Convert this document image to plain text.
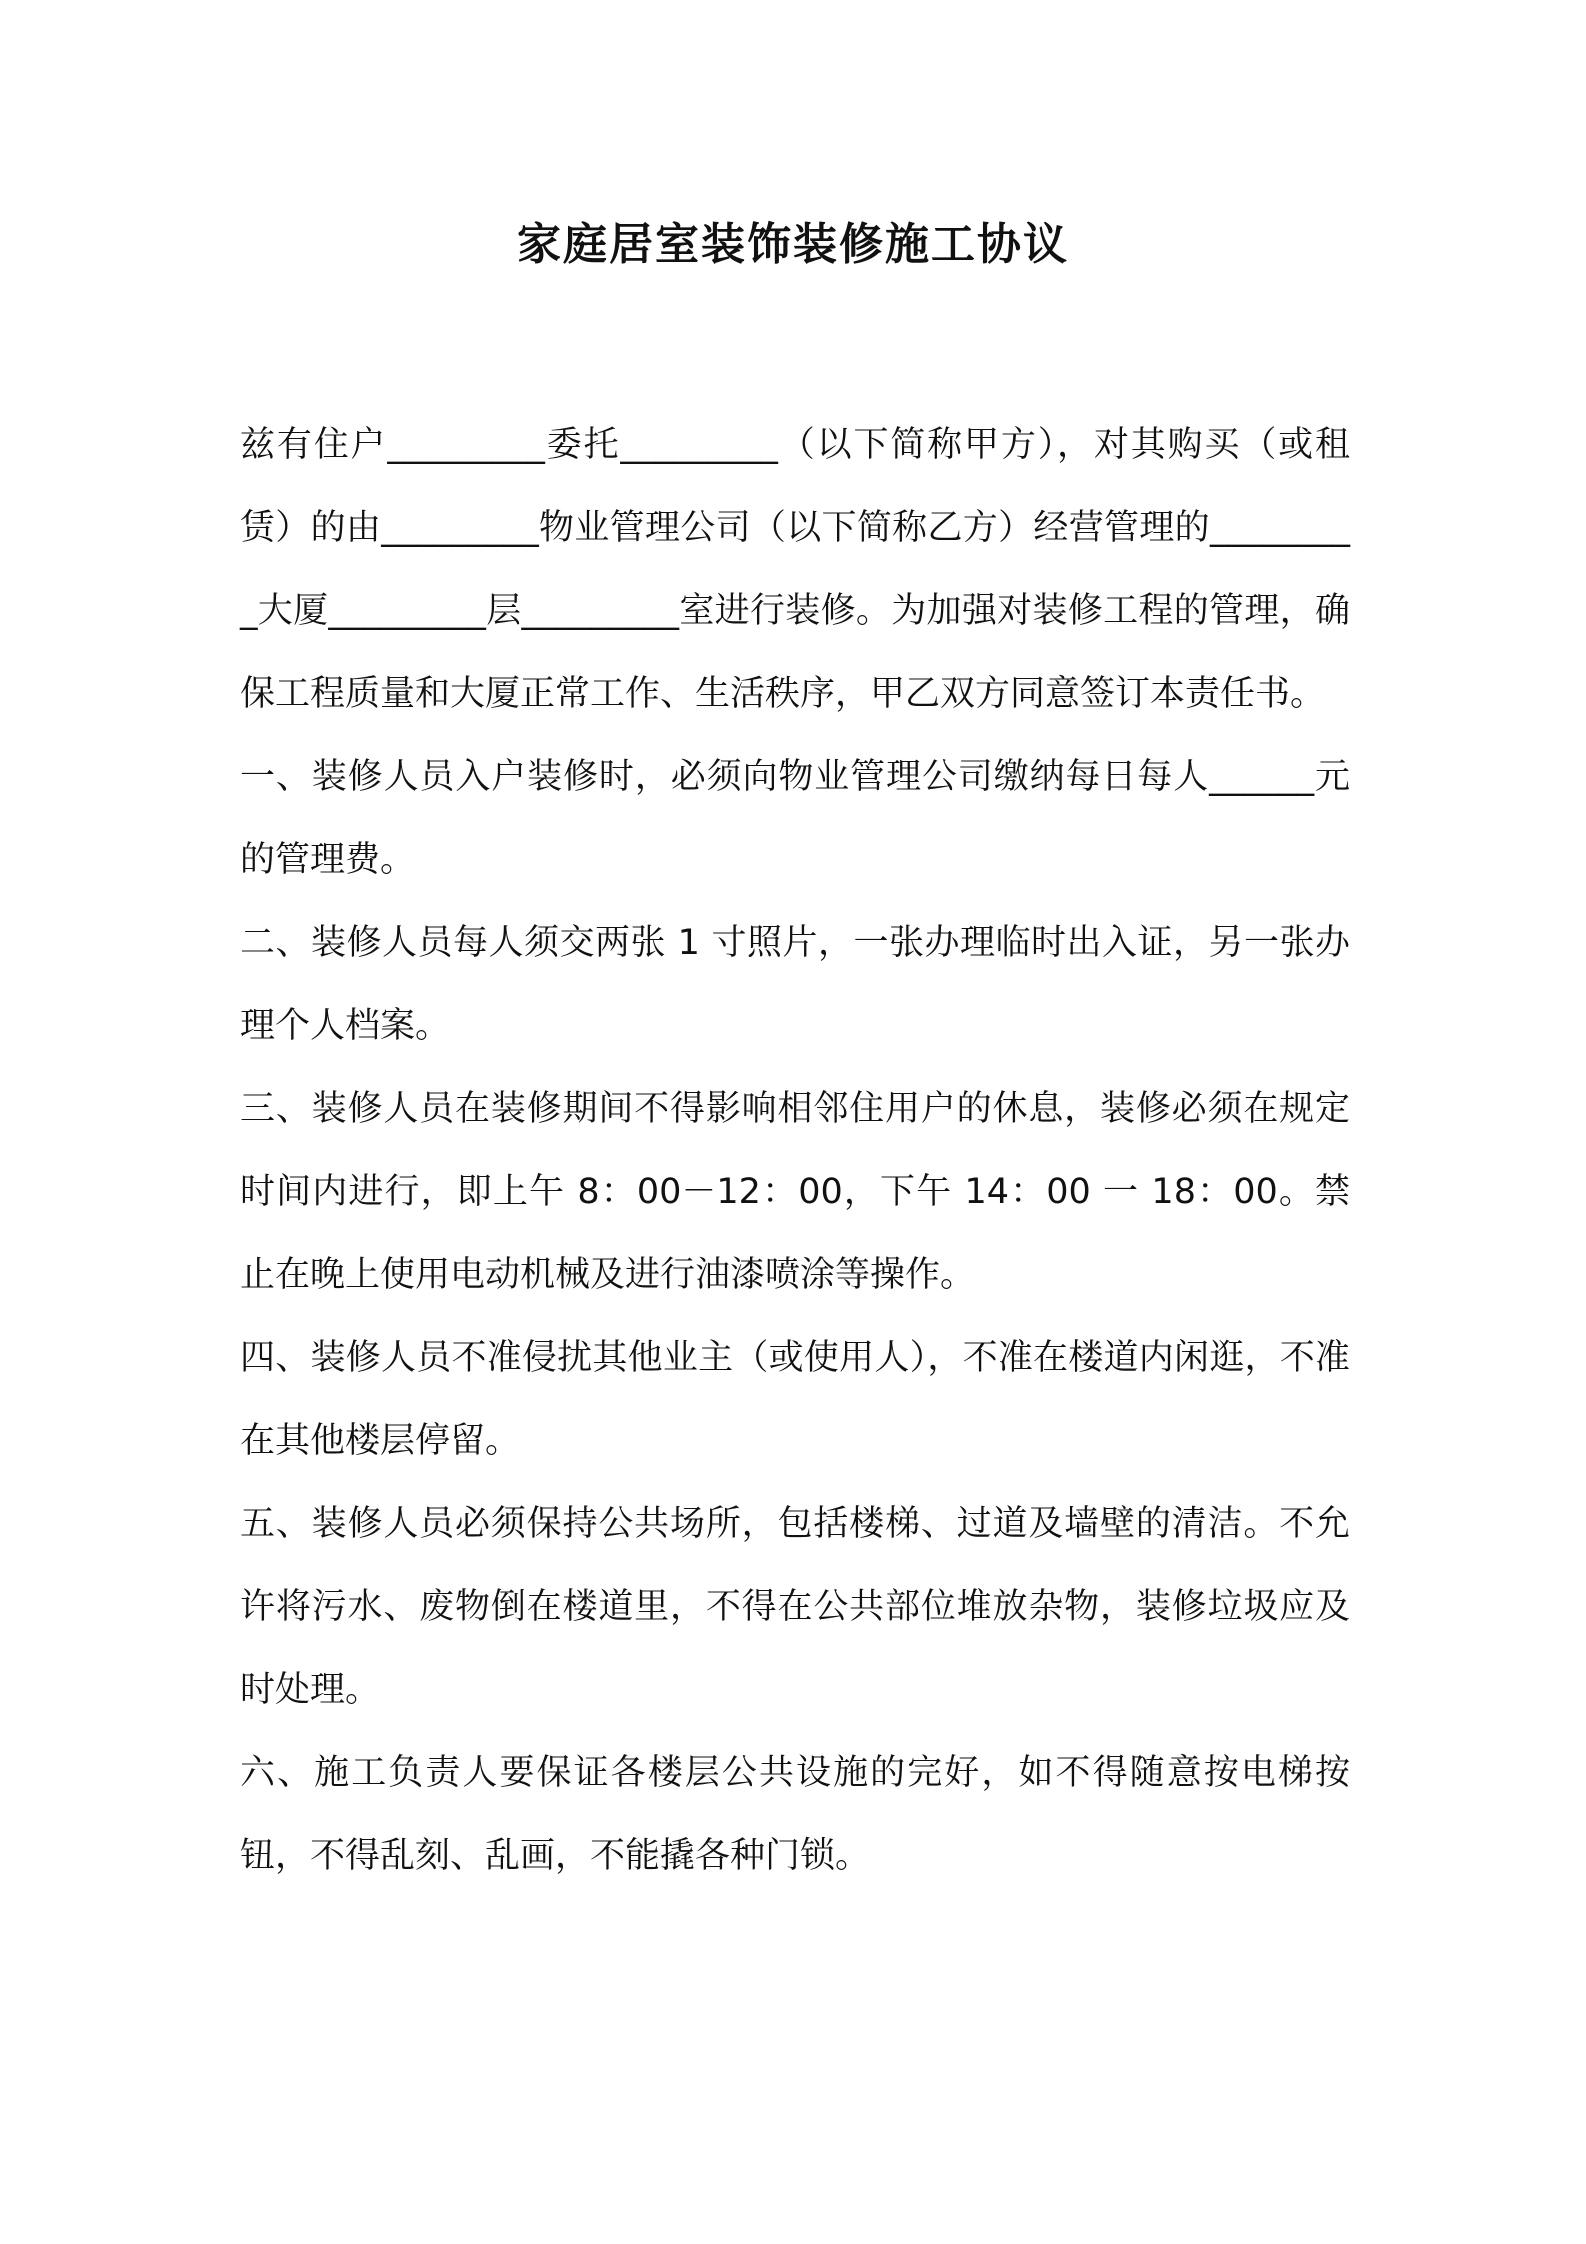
家庭居室装饰装修施工协议

兹有住户_________委托_________（以下简称甲方），对其购买（或租赁）的由_________物业管理公司（以下简称乙方）经营管理的_________大厦_________层_________室进行装修。为加强对装修工程的管理，确保工程质量和大厦正常工作、生活秩序，甲乙双方同意签订本责任书。

一、装修人员入户装修时，必须向物业管理公司缴纳每日每人______元的管理费。

二、装修人员每人须交两张 1 寸照片，一张办理临时出入证，另一张办理个人档案。

三、装修人员在装修期间不得影响相邻住用户的休息，装修必须在规定时间内进行，即上午 8：00－12：00，下午 14：00 一 18：00。禁止在晚上使用电动机械及进行油漆喷涂等操作。

四、装修人员不准侵扰其他业主（或使用人），不准在楼道内闲逛，不准在其他楼层停留。

五、装修人员必须保持公共场所，包括楼梯、过道及墙壁的清洁。不允许将污水、废物倒在楼道里，不得在公共部位堆放杂物，装修垃圾应及时处理。

六、施工负责人要保证各楼层公共设施的完好，如不得随意按电梯按钮，不得乱刻、乱画，不能撬各种门锁。
